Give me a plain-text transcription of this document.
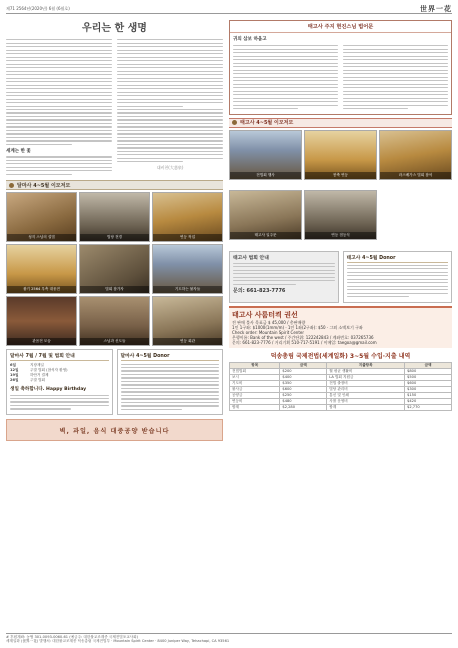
제71 2564년(2020년) 6월 (6월호)	世界一花
우리는 한 생명
세계는 한 꽃
대비천(大悲泉)
달마사 4~5월 이모저모
성지 스님의 설법	법당 전경	연등 작업
불기 2564 우측 대웅전	법회 참가자	기도하는 불자들
관음전 모습	스님과 신도들	연등 회관
달마사 7월 / 7월 및 법회 안내
6일	지장재일
12일	주말 법회 (참석자 환영)
19일	하안거 결제
26일	주말 법회
생일 축하합니다. Happy Birthday
달마사 4~5월 Donor
벽, 과일, 음식 대중공양 받습니다
태고사 주지 현진스님 법어문
귀의 삼보 하옵고
태고사 4~5월 이모저모
전법회 행사	봉축 연등	라스베가스 법회 참석
태고사 일주문	연등 점등식
태고사 법회 안내
문의: 661-823-7776
태고사 4~5월 Donor
태고사 사룸터켝 권선
전 판매 불사 목표금 $ 45,000 / 총판매량
1인 1구좌: $1000(1mm/m) · 1인 1좌(2구좌): $50 · 그외 소액보기 구좌
Check order: Mountain Spirit Center
은행이름: Bank of the west / 주간단위: 122242843 / 계좌번호: 037265736
문의: 661-823-7776 / 거리기획 510-717-5191 / 이메일: taegoa@gmail.com
덕송총림 국제전법(세계일화) 3~5월 수입·지출 내역
항목	금액	지출항목	금액
전법법회	$200	월 평균 생활비	$800
보시	$400	LA 법회 지원금	$500
기도비	$350	전법 출장비	$600
불사금	$600	법당 관리비	$300
공양금	$250	통신 및 인쇄	$150
연등비	$480	사찰 운영비	$420
합계	$2,280	합계	$2,770
# 후원계좌: 농협 301-0093-0060-61 (예금주: 대한불교조계종 국제전법포교사회)
세계일화 (世界一花) 발행처: 대한불교조계종 덕송총림 국제전법부 · Mountain Spirit Center · 8400 Juniper Way, Tehachapi, CA 93561
